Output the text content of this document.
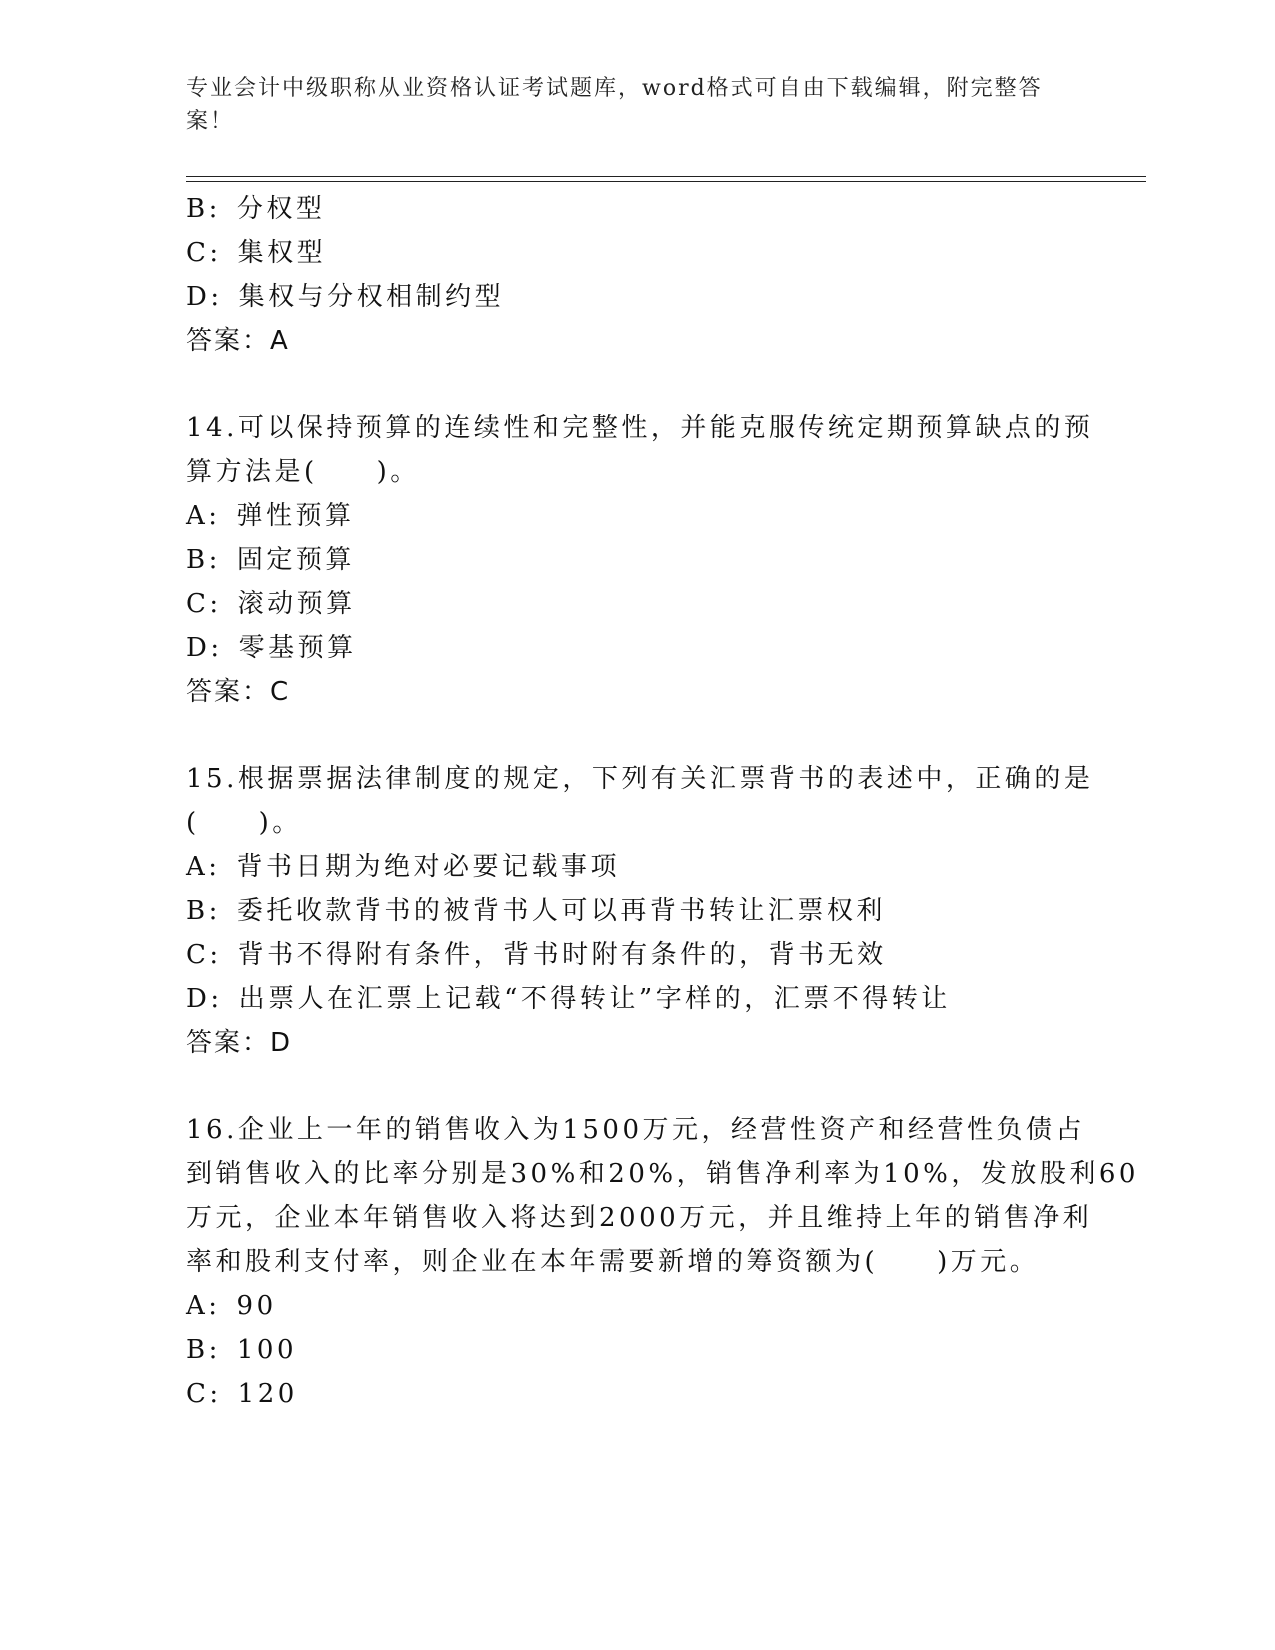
专业会计中级职称从业资格认证考试题库，word格式可自由下载编辑，附完整答案！
B: 分权型
C: 集权型
D: 集权与分权相制约型
答案：A
14.可以保持预算的连续性和完整性，并能克服传统定期预算缺点的预
算方法是(　　)。
A: 弹性预算
B: 固定预算
C: 滚动预算
D: 零基预算
答案：C
15.根据票据法律制度的规定，下列有关汇票背书的表述中，正确的是
(　　)。
A: 背书日期为绝对必要记载事项
B: 委托收款背书的被背书人可以再背书转让汇票权利
C: 背书不得附有条件，背书时附有条件的，背书无效
D: 出票人在汇票上记载“不得转让”字样的，汇票不得转让
答案：D
16.企业上一年的销售收入为1500万元，经营性资产和经营性负债占
到销售收入的比率分别是30%和20%，销售净利率为10%，发放股利60
万元，企业本年销售收入将达到2000万元，并且维持上年的销售净利
率和股利支付率，则企业在本年需要新增的筹资额为(　　)万元。
A: 90
B: 100
C: 120
